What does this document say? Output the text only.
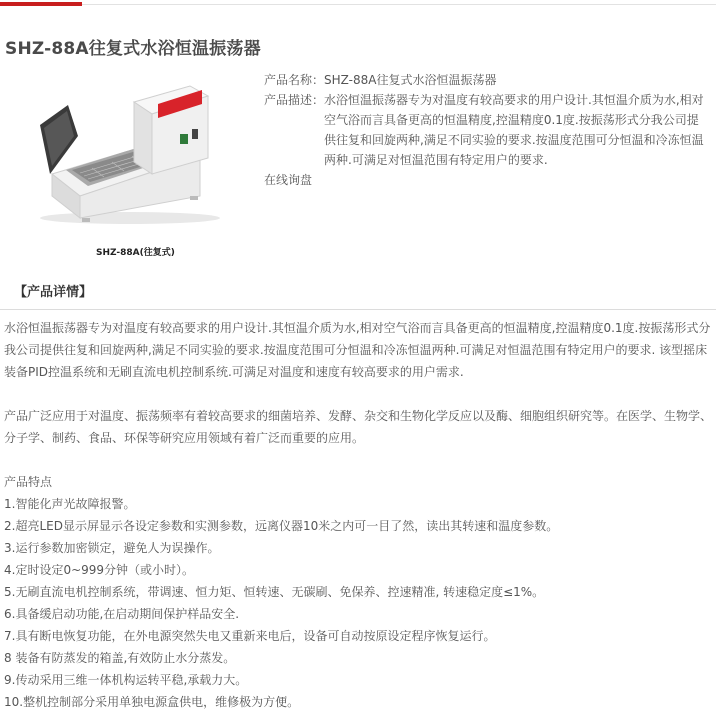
SHZ-88A往复式水浴恒温振荡器
SHZ-88A(往复式)

产品名称：SHZ-88A往复式水浴恒温振荡器

产品描述： 水浴恒温振荡器专为对温度有较高要求的用户设计.其恒温介质为水,相对空气浴而言具备更高的恒温精度,控温精度0.1度.按振荡形式分我公司提供往复和回旋两种,满足不同实验的要求.按温度范围可分恒温和冷冻恒温两种.可满足对恒温范围有特定用户的要求.

在线询盘

【产品详情】

水浴恒温振荡器专为对温度有较高要求的用户设计.其恒温介质为水,相对空气浴而言具备更高的恒温精度,控温精度0.1度.按振荡形式分我公司提供往复和回旋两种,满足不同实验的要求.按温度范围可分恒温和冷冻恒温两种.可满足对恒温范围有特定用户的要求. 该型摇床装备PID控温系统和无刷直流电机控制系统.可满足对温度和速度有较高要求的用户需求.

产品广泛应用于对温度、振荡频率有着较高要求的细菌培养、发酵、杂交和生物化学反应以及酶、细胞组织研究等。在医学、生物学、分子学、制药、食品、环保等研究应用领域有着广泛而重要的应用。

产品特点

1.智能化声光故障报警。
2.超亮LED显示屏显示各设定参数和实测参数，远离仪器10米之内可一目了然，读出其转速和温度参数。
3.运行参数加密锁定，避免人为误操作。
4.定时设定0~999分钟（或小时）。
5.无刷直流电机控制系统，带调速、恒力矩、恒转速、无碳刷、免保养、控速精准, 转速稳定度≤1%。
6.具备缓启动功能,在启动期间保护样品安全.
7.具有断电恢复功能，在外电源突然失电又重新来电后，设备可自动按原设定程序恢复运行。
8 装备有防蒸发的箱盖,有效防止水分蒸发。
9.传动采用三维一体机构运转平稳,承载力大。
10.整机控制部分采用单独电源盒供电，维修极为方便。
